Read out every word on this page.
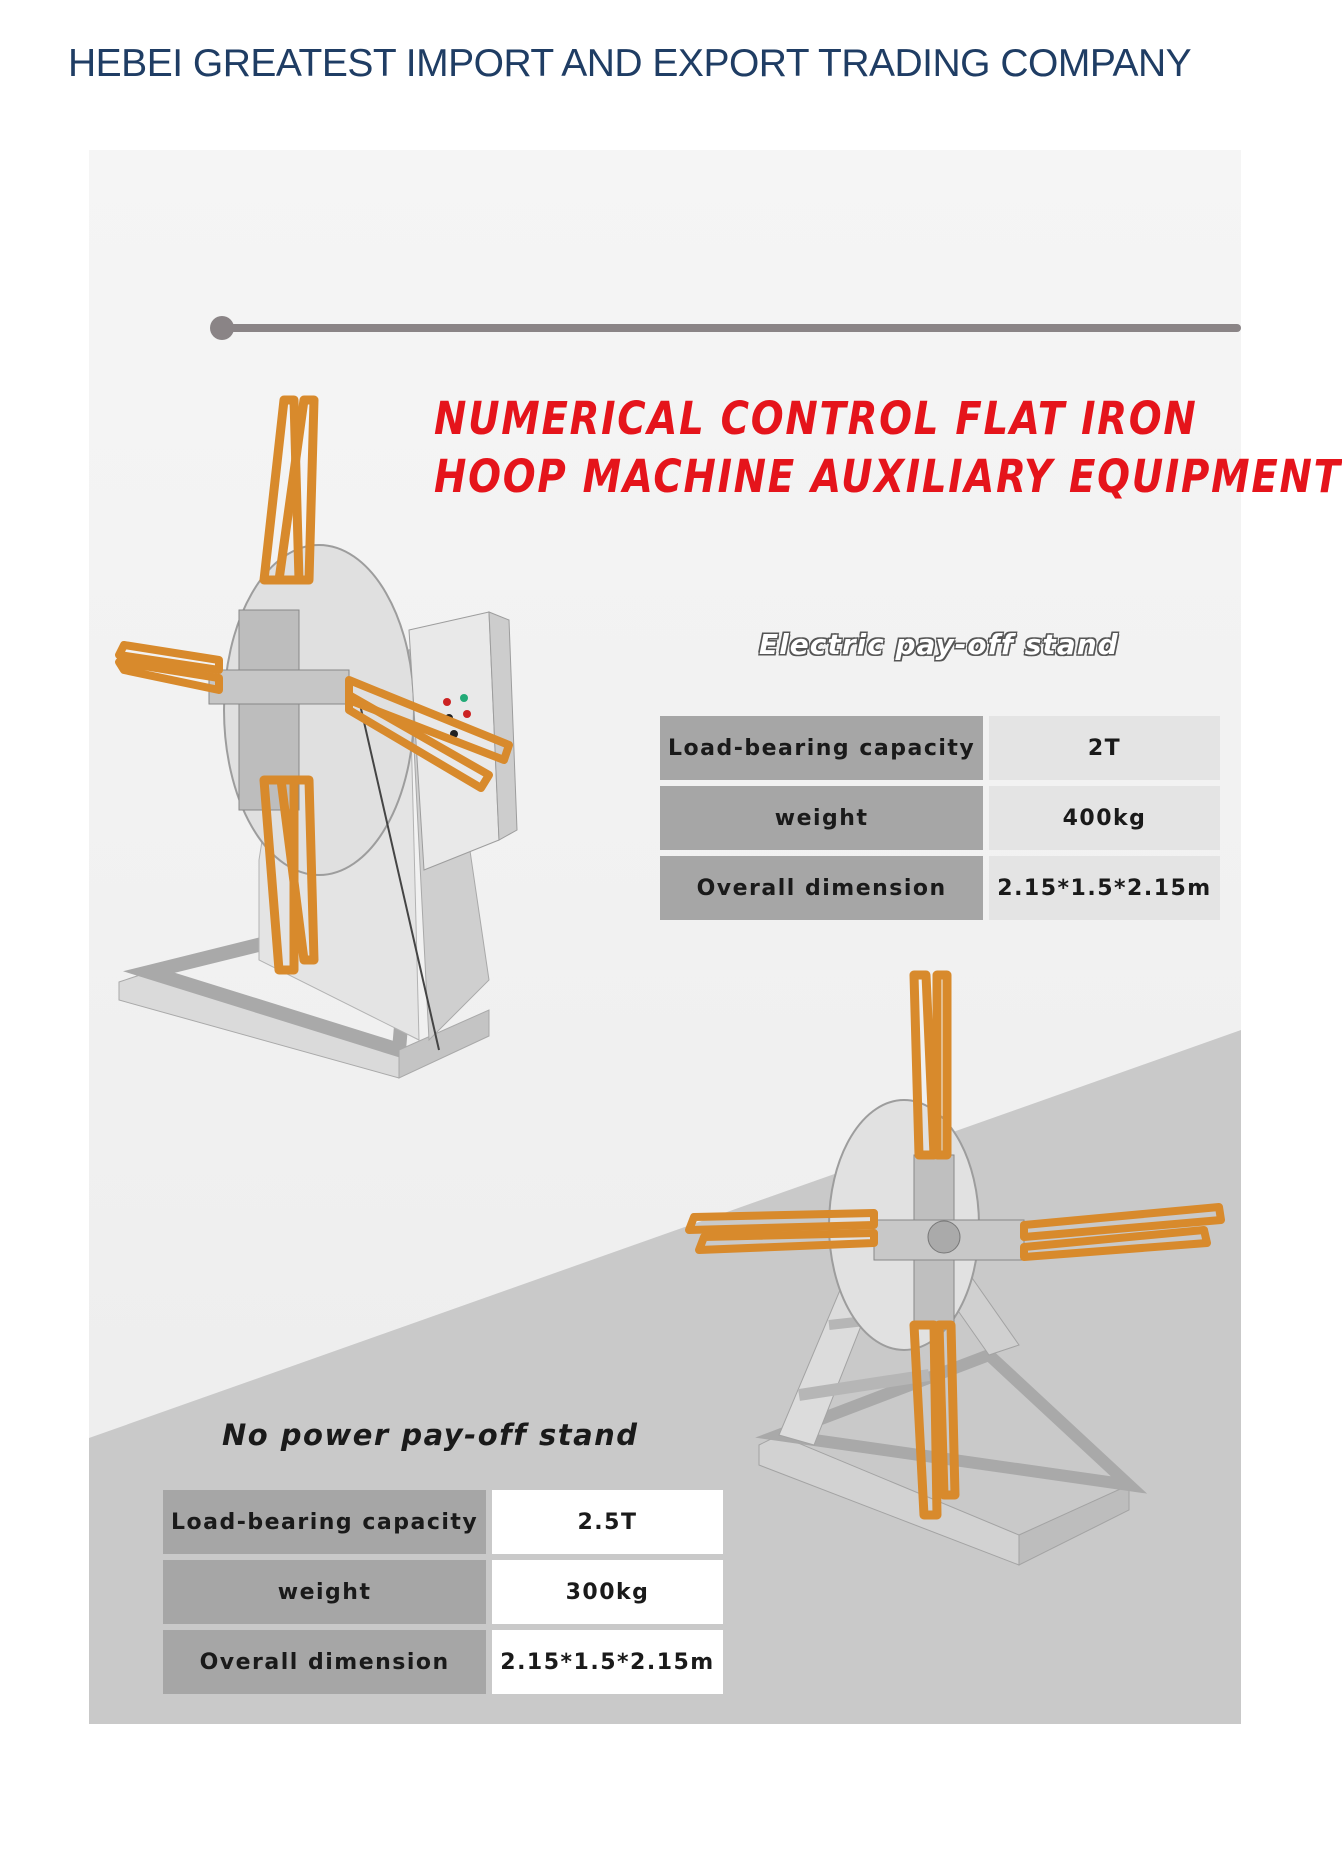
HEBEI GREATEST IMPORT AND EXPORT TRADING COMPANY
NUMERICAL CONTROL FLAT IRON
HOOP MACHINE AUXILIARY EQUIPMENT
Electric pay-off stand
Load-bearing capacity	2T
weight	400kg
Overall dimension	2.15*1.5*2.15m
No power pay-off stand
Load-bearing capacity	2.5T
weight	300kg
Overall dimension	2.15*1.5*2.15m
